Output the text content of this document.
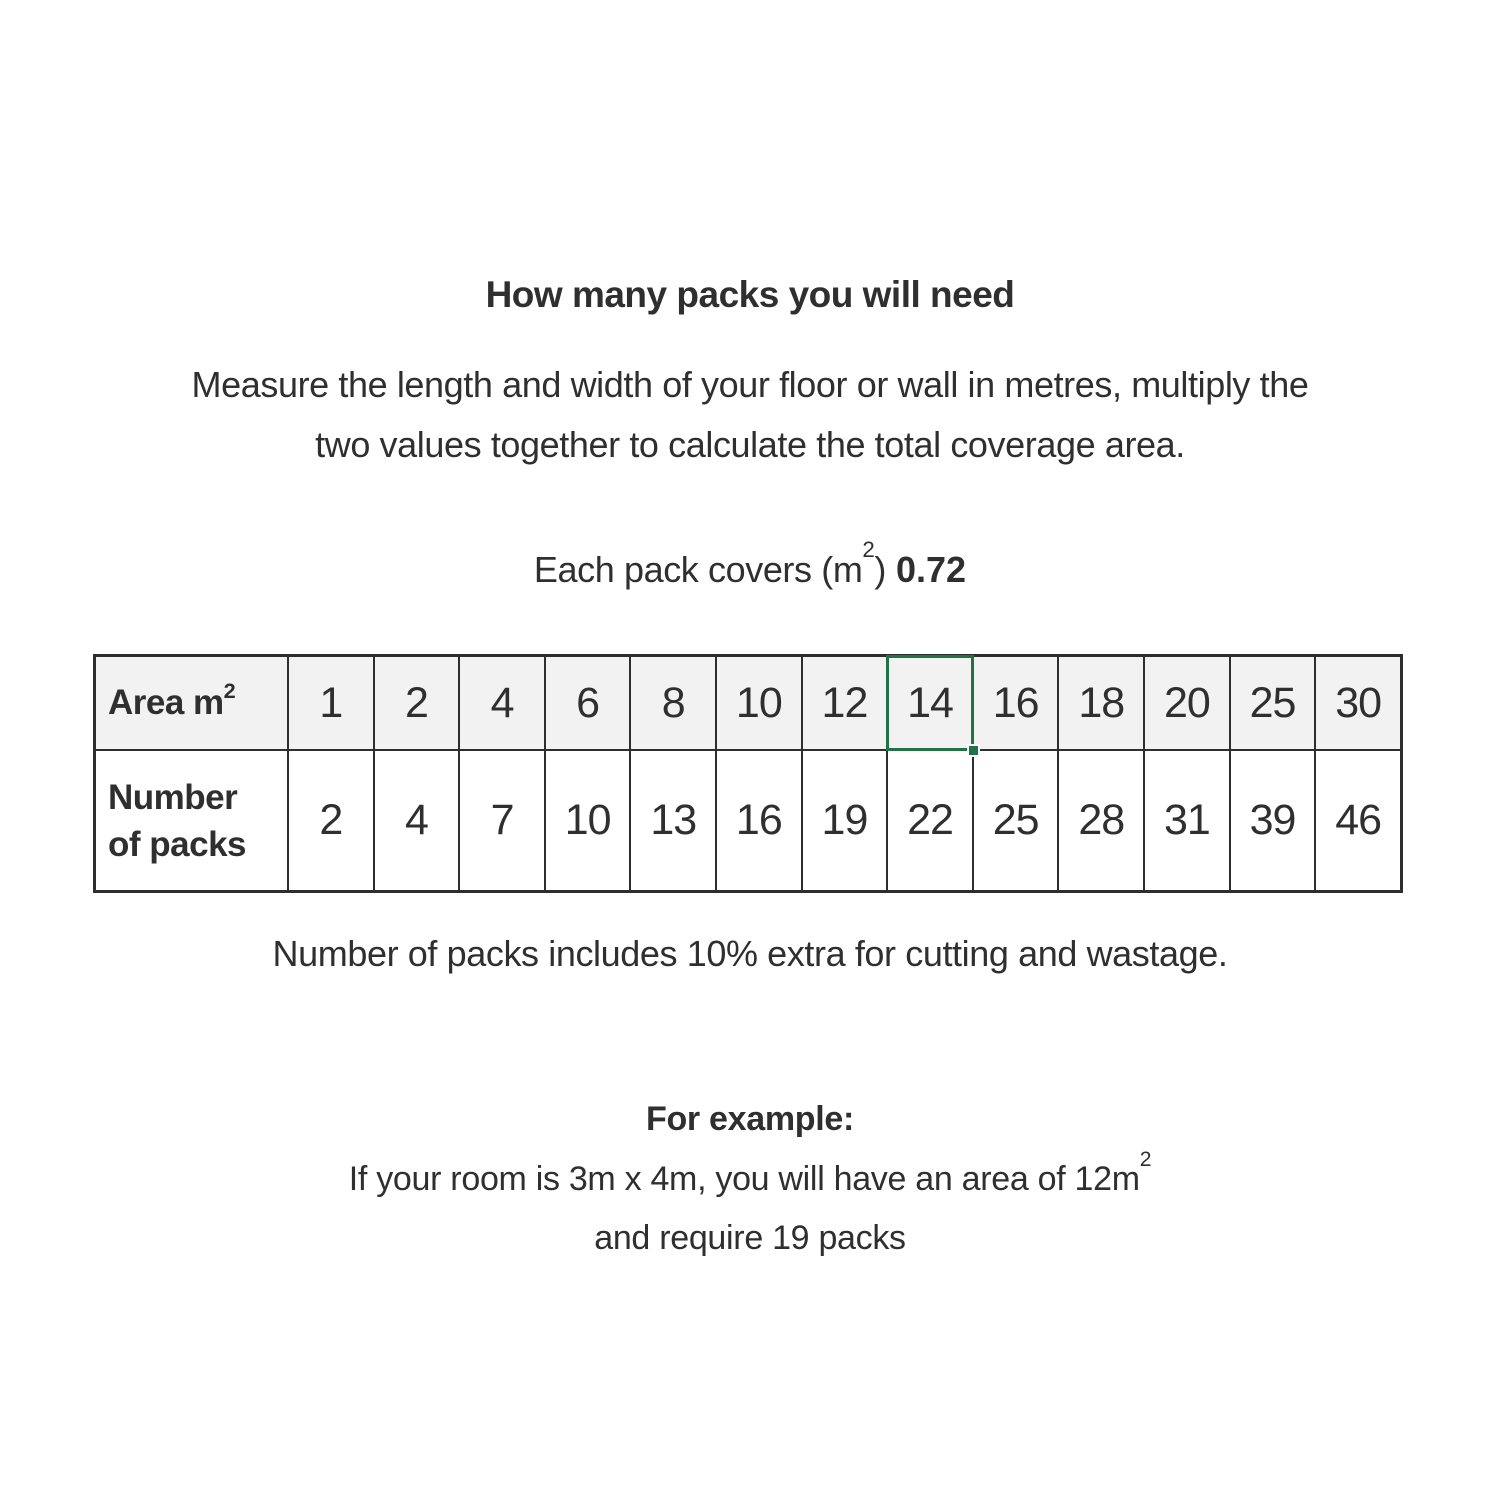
How many packs you will need
Measure the length and width of your floor or wall in metres, multiply the
two values together to calculate the total coverage area.
Each pack covers $(m^2)$ 0.72
Area $m^2$	1	2	4	6	8	10 12 14 16 18 20 25 30
Number
of packs	2	4	7	10 13 16 19 22 25 28 31 39 46
Number of packs includes 10% extra for cutting and wastage.
For example:
If your room is 3m x 4m, you will have an area of $12m^2$
and require 19 packs
